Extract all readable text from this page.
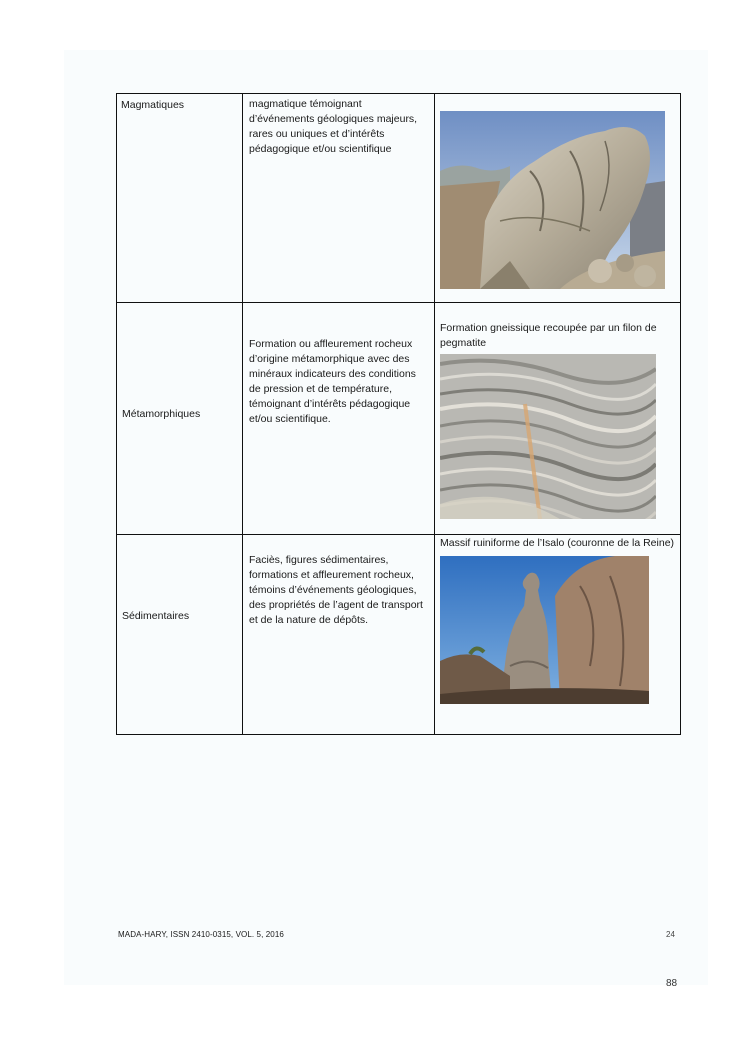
Magmatiques	magmatique témoignant d’événements géologiques majeurs, rares ou uniques et d’intérêts pédagogique et/ou scientifique

Métamorphiques	Formation ou affleurement rocheux d’origine métamorphique avec des minéraux indicateurs des conditions de pression et de température, témoignant d’intérêts pédagogique et/ou scientifique.	Formation gneissique recoupée par un filon de pegmatite

Sédimentaires	Faciès, figures sédimentaires, formations et affleurement rocheux, témoins d’événements géologiques, des propriétés de l’agent de transport et de la nature de dépôts.	Massif ruiniforme de l’Isalo (couronne de la Reine)
MADA-HARY, ISSN 2410-0315, VOL. 5, 2016	24
88
